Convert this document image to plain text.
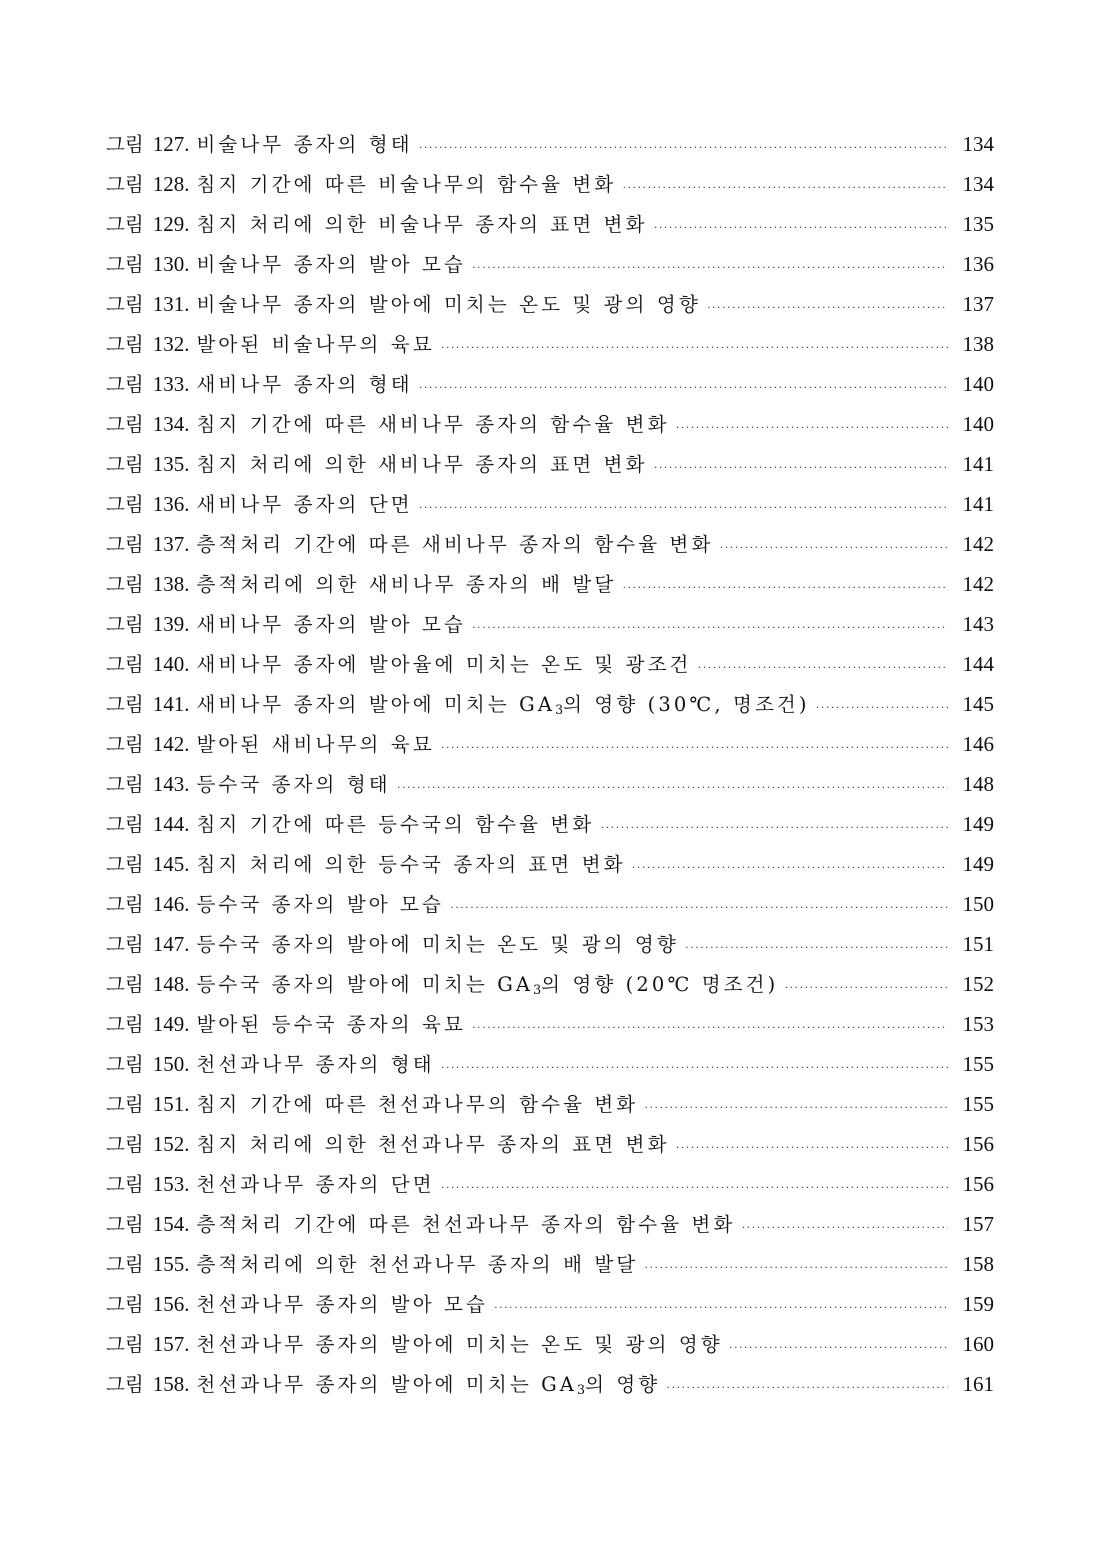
그림 127. 비술나무 종자의 형태 ·····	134
그림 128. 침지 기간에 따른 비술나무의 함수율 변화 ·····	134
그림 129. 침지 처리에 의한 비술나무 종자의 표면 변화 ·····	135
그림 130. 비술나무 종자의 발아 모습 ·····	136
그림 131. 비술나무 종자의 발아에 미치는 온도 및 광의 영향 ·····	137
그림 132. 발아된 비술나무의 육묘 ·····	138
그림 133. 새비나무 종자의 형태 ·····	140
그림 134. 침지 기간에 따른 새비나무 종자의 함수율 변화 ·····	140
그림 135. 침지 처리에 의한 새비나무 종자의 표면 변화 ·····	141
그림 136. 새비나무 종자의 단면 ·····	141
그림 137. 층적처리 기간에 따른 새비나무 종자의 함수율 변화 ·····	142
그림 138. 층적처리에 의한 새비나무 종자의 배 발달 ·····	142
그림 139. 새비나무 종자의 발아 모습 ·····	143
그림 140. 새비나무 종자에 발아율에 미치는 온도 및 광조건 ·····	144
그림 141. 새비나무 종자의 발아에 미치는 $GA_3$의 영향 (30℃, 명조건) ·····	145
그림 142. 발아된 새비나무의 육묘 ·····	146
그림 143. 등수국 종자의 형태 ·····	148
그림 144. 침지 기간에 따른 등수국의 함수율 변화 ·····	149
그림 145. 침지 처리에 의한 등수국 종자의 표면 변화 ·····	149
그림 146. 등수국 종자의 발아 모습 ·····	150
그림 147. 등수국 종자의 발아에 미치는 온도 및 광의 영향 ·····	151
그림 148. 등수국 종자의 발아에 미치는 $GA_3$의 영향 (20℃ 명조건) ·····	152
그림 149. 발아된 등수국 종자의 육묘 ·····	153
그림 150. 천선과나무 종자의 형태 ·····	155
그림 151. 침지 기간에 따른 천선과나무의 함수율 변화 ·····	155
그림 152. 침지 처리에 의한 천선과나무 종자의 표면 변화 ·····	156
그림 153. 천선과나무 종자의 단면 ·····	156
그림 154. 층적처리 기간에 따른 천선과나무 종자의 함수율 변화 ·····	157
그림 155. 층적처리에 의한 천선과나무 종자의 배 발달 ·····	158
그림 156. 천선과나무 종자의 발아 모습 ·····	159
그림 157. 천선과나무 종자의 발아에 미치는 온도 및 광의 영향 ·····	160
그림 158. 천선과나무 종자의 발아에 미치는 $GA_3$의 영향 ·····	161
